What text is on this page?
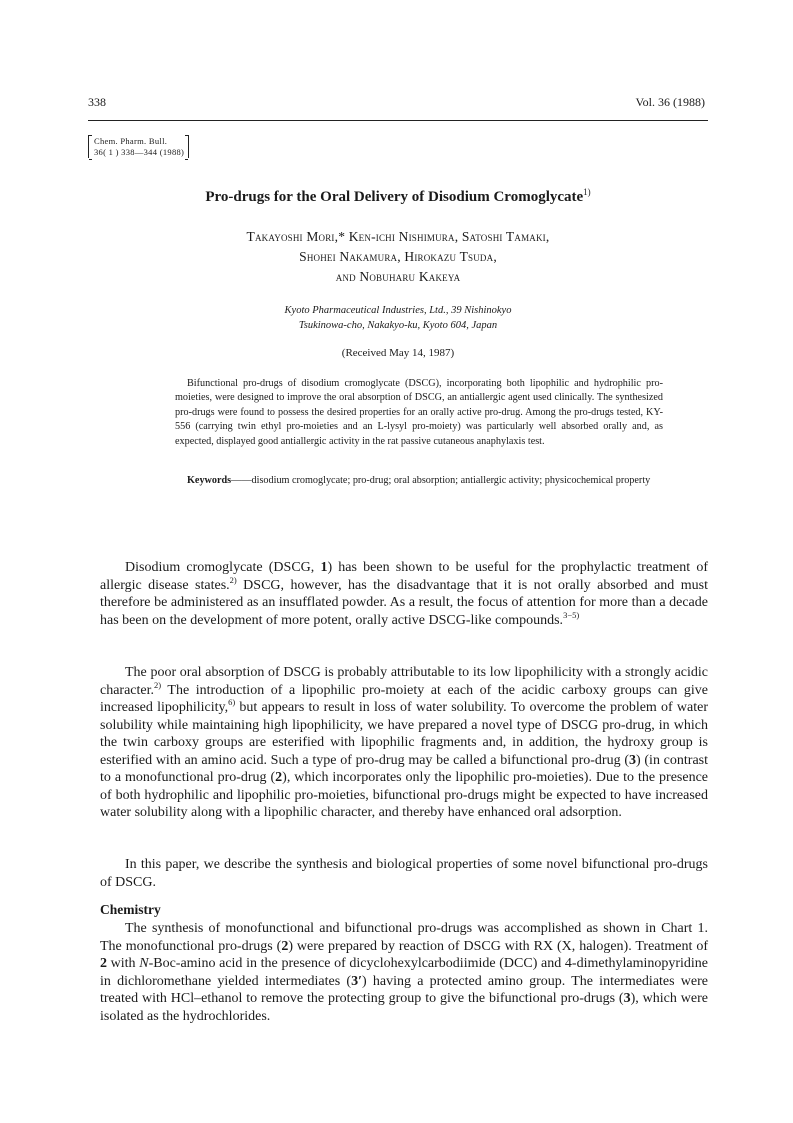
338	Vol. 36 (1988)
Chem. Pharm. Bull.
36( 1 ) 338—344 (1988)
Pro-drugs for the Oral Delivery of Disodium Cromoglycate$^{1)}$
Takayoshi Mori,* Ken-ichi Nishimura, Satoshi Tamaki,
Shohei Nakamura, Hirokazu Tsuda,
and Nobuharu Kakeya
Kyoto Pharmaceutical Industries, Ltd., 39 Nishinokyo
Tsukinowa-cho, Nakakyo-ku, Kyoto 604, Japan
(Received May 14, 1987)

Bifunctional pro-drugs of disodium cromoglycate (DSCG), incorporating both lipophilic and hydrophilic pro-moieties, were designed to improve the oral absorption of DSCG, an antiallergic agent used clinically. The synthesized pro-drugs were found to possess the desired properties for an orally active pro-drug. Among the pro-drugs tested, KY-556 (carrying twin ethyl pro-moieties and an L-lysyl pro-moiety) was particularly well absorbed orally and, as expected, displayed good antiallergic activity in the rat passive cutaneous anaphylaxis test.

Keywords——disodium cromoglycate; pro-drug; oral absorption; antiallergic activity; physicochemical property

Disodium cromoglycate (DSCG, 1) has been shown to be useful for the prophylactic treatment of allergic disease states.$^{2)}$ DSCG, however, has the disadvantage that it is not orally absorbed and must therefore be administered as an insufflated powder. As a result, the focus of attention for more than a decade has been on the development of more potent, orally active DSCG-like compounds.$^{3-5)}$

The poor oral absorption of DSCG is probably attributable to its low lipophilicity with a strongly acidic character.$^{2)}$ The introduction of a lipophilic pro-moiety at each of the acidic carboxy groups can give increased lipophilicity,$^{6)}$ but appears to result in loss of water solubility. To overcome the problem of water solubility while maintaining high lipophilicity, we have prepared a novel type of DSCG pro-drug, in which the twin carboxy groups are esterified with lipophilic fragments and, in addition, the hydroxy group is esterified with an amino acid. Such a type of pro-drug may be called a bifunctional pro-drug (3) (in contrast to a monofunctional pro-drug (2), which incorporates only the lipophilic pro-moieties). Due to the presence of both hydrophilic and lipophilic pro-moieties, bifunctional pro-drugs might be expected to have increased water solubility along with a lipophilic character, and thereby have enhanced oral adsorption.

In this paper, we describe the synthesis and biological properties of some novel bifunctional pro-drugs of DSCG.

Chemistry

The synthesis of monofunctional and bifunctional pro-drugs was accomplished as shown in Chart 1. The monofunctional pro-drugs (2) were prepared by reaction of DSCG with RX (X, halogen). Treatment of 2 with N-Boc-amino acid in the presence of dicyclohexylcarbodiimide (DCC) and 4-dimethylaminopyridine in dichloromethane yielded intermediates (3′) having a protected amino group. The intermediates were treated with HCl–ethanol to remove the protecting group to give the bifunctional pro-drugs (3), which were isolated as the hydrochlorides.
